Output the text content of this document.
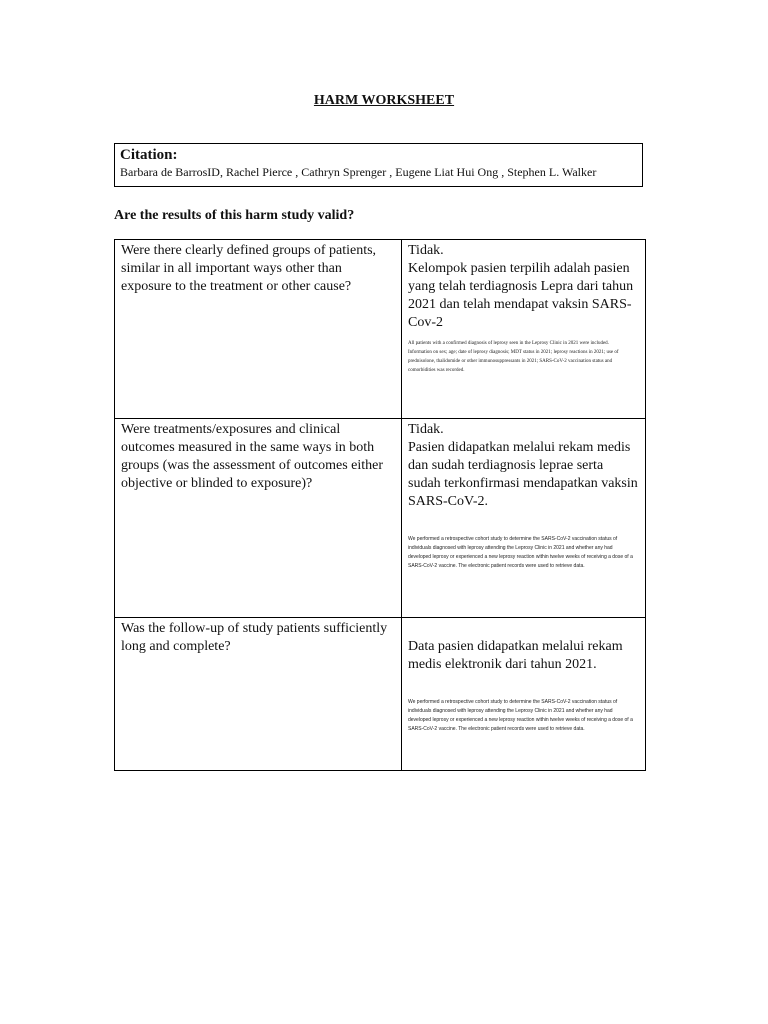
HARM WORKSHEET
Citation:
Barbara de BarrosID, Rachel Pierce , Cathryn Sprenger , Eugene Liat Hui Ong , Stephen L. Walker
Are the results of this harm study valid?
Were there clearly defined groups of patients, similar in all important ways other than exposure to the treatment or other cause?	Tidak.
Kelompok pasien terpilih adalah pasien yang telah terdiagnosis Lepra dari tahun 2021 dan telah mendapat vaksin SARS-Cov-2
All patients with a confirmed diagnosis of leprosy seen in the Leprosy Clinic in 2021 were included. Information on sex; age; date of leprosy diagnosis; MDT status in 2021; leprosy reactions in 2021; use of prednisolone, thalidomide or other immunosuppressants in 2021; SARS-CoV-2 vaccination status and comorbidities was recorded.

Were treatments/exposures and clinical outcomes measured in the same ways in both groups (was the assessment of outcomes either objective or blinded to exposure)?	Tidak.
Pasien didapatkan melalui rekam medis dan sudah terdiagnosis leprae serta sudah terkonfirmasi mendapatkan vaksin SARS-CoV-2.
We performed a retrospective cohort study to determine the SARS-CoV-2 vaccination status of individuals diagnosed with leprosy attending the Leprosy Clinic in 2021 and whether any had developed leprosy or experienced a new leprosy reaction within twelve weeks of receiving a dose of a SARS-CoV-2 vaccine. The electronic patient records were used to retrieve data.

Was the follow-up of study patients sufficiently long and complete?	Data pasien didapatkan melalui rekam medis elektronik dari tahun 2021.
We performed a retrospective cohort study to determine the SARS-CoV-2 vaccination status of individuals diagnosed with leprosy attending the Leprosy Clinic in 2021 and whether any had developed leprosy or experienced a new leprosy reaction within twelve weeks of receiving a dose of a SARS-CoV-2 vaccine. The electronic patient records were used to retrieve data.
